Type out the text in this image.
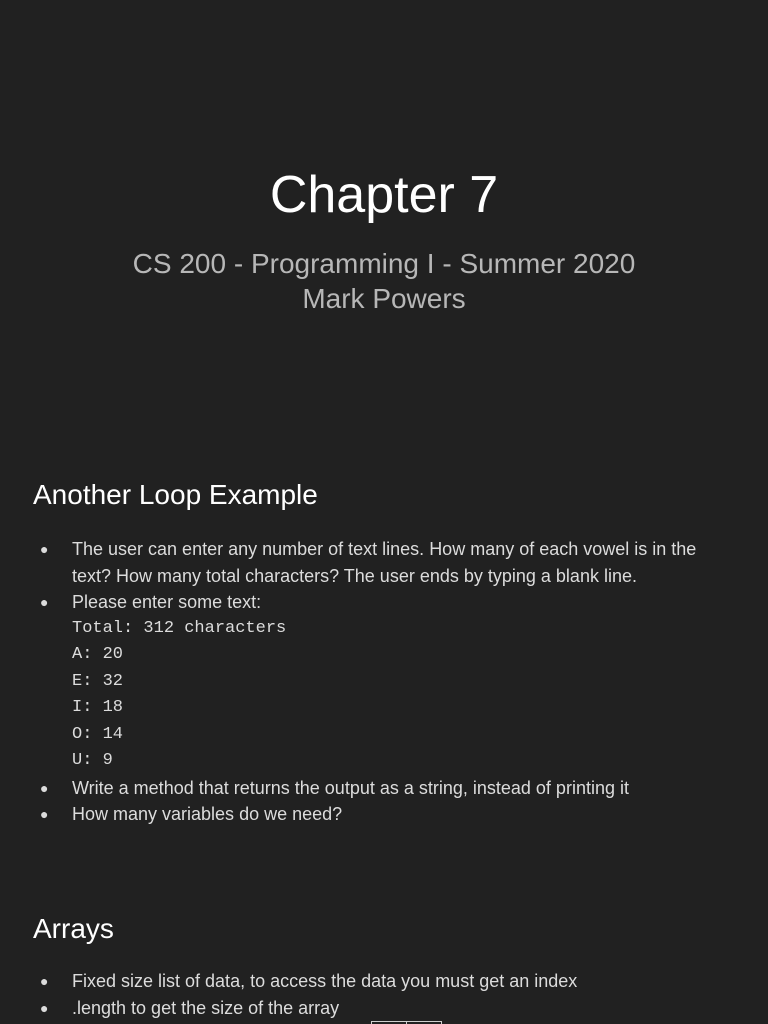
Chapter 7
CS 200 - Programming I - Summer 2020
Mark Powers
Another Loop Example
● The user can enter any number of text lines. How many of each vowel is in the text? How many total characters? The user ends by typing a blank line.
● Please enter some text:
Total: 312 characters
A: 20
E: 32
I: 18
O: 14
U: 9
● Write a method that returns the output as a string, instead of printing it
● How many variables do we need?
Arrays
● Fixed size list of data, to access the data you must get an index
● .length to get the size of the array
